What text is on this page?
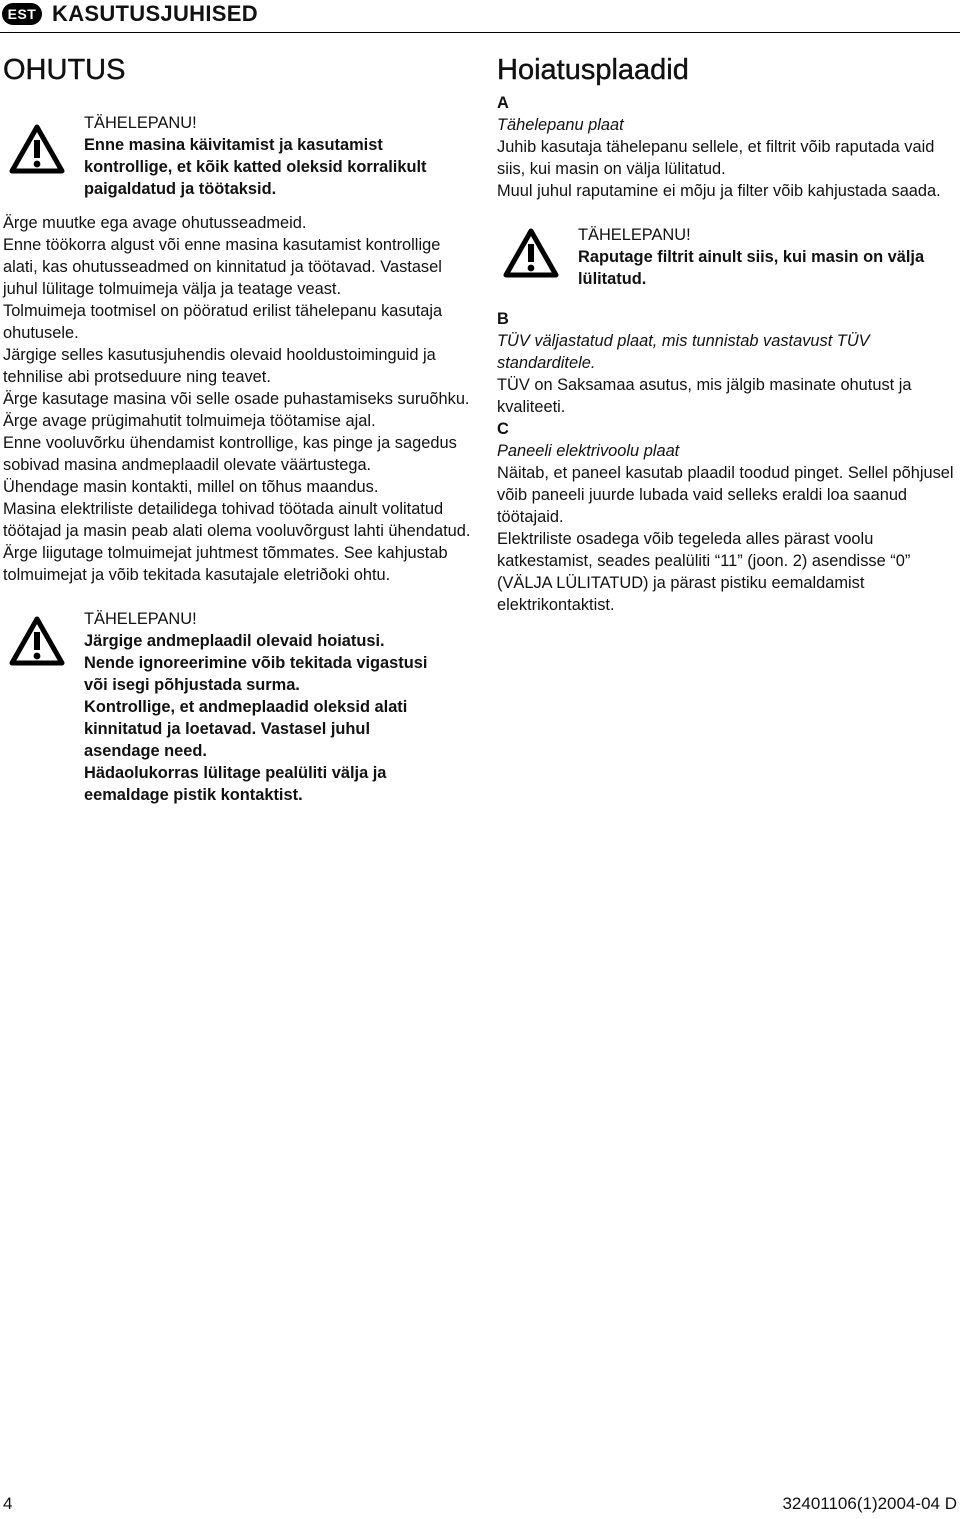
EST KASUTUSJUHISED
OHUTUS
TÄHELEPANU!
Enne masina käivitamist ja kasutamist
kontrollige, et kõik katted oleksid korralikult
paigaldatud ja töötaksid.
Ärge muutke ega avage ohutusseadmeid.
Enne töökorra algust või enne masina kasutamist kontrollige alati, kas ohutusseadmed on kinnitatud ja töötavad. Vastasel juhul lülitage tolmuimeja välja ja teatage veast.
Tolmuimeja tootmisel on pööratud erilist tähelepanu kasutaja ohutusele.
Järgige selles kasutusjuhendis olevaid hooldustoiminguid ja tehnilise abi protseduure ning teavet.
Ärge kasutage masina või selle osade puhastamiseks suruõhku.
Ärge avage prügimahutit tolmuimeja töötamise ajal.
Enne vooluvõrku ühendamist kontrollige, kas pinge ja sagedus sobivad masina andmeplaadil olevate väärtustega.
Ühendage masin kontakti, millel on tõhus maandus.
Masina elektriliste detailidega tohivad töötada ainult volitatud töötajad ja masin peab alati olema vooluvõrgust lahti ühendatud.
Ärge liigutage tolmuimejat juhtmest tõmmates. See kahjustab tolmuimejat ja võib tekitada kasutajale eletriðoki ohtu.
TÄHELEPANU!
Järgige andmeplaadil olevaid hoiatusi.
Nende ignoreerimine võib tekitada vigastusi
või isegi põhjustada surma.
Kontrollige, et andmeplaadid oleksid alati
kinnitatud ja loetavad. Vastasel juhul
asendage need.
Hädaolukorras lülitage pealüliti välja ja
eemaldage pistik kontaktist.
Hoiatusplaadid
A
Tähelepanu plaat
Juhib kasutaja tähelepanu sellele, et filtrit võib raputada vaid siis, kui masin on välja lülitatud.
Muul juhul raputamine ei mõju ja filter võib kahjustada saada.
TÄHELEPANU!
Raputage filtrit ainult siis, kui masin on välja
lülitatud.
B
TÜV väljastatud plaat, mis tunnistab vastavust TÜV standarditele.
TÜV on Saksamaa asutus, mis jälgib masinate ohutust ja kvaliteeti.
C
Paneeli elektrivoolu plaat
Näitab, et paneel kasutab plaadil toodud pinget. Sellel põhjusel võib paneeli juurde lubada vaid selleks eraldi loa saanud töötajaid.
Elektriliste osadega võib tegeleda alles pärast voolu katkestamist, seades pealüliti “11” (joon. 2) asendisse “0” (VÄLJA LÜLITATUD) ja pärast pistiku eemaldamist elektrikontaktist.
4	32401106(1)2004-04 D
